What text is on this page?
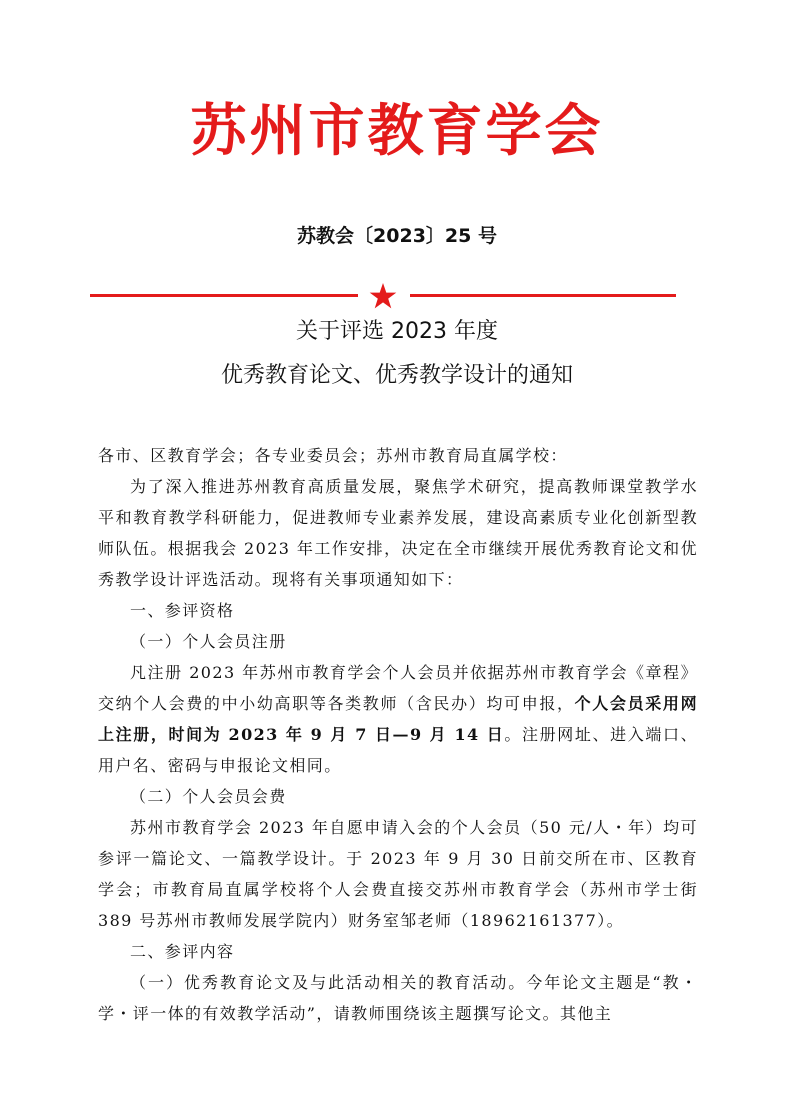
苏州市教育学会
苏教会〔2023〕25 号
关于评选 2023 年度
优秀教育论文、优秀教学设计的通知

各市、区教育学会；各专业委员会；苏州市教育局直属学校：

为了深入推进苏州教育高质量发展，聚焦学术研究，提高教师课堂教学水平和教育教学科研能力，促进教师专业素养发展，建设高素质专业化创新型教师队伍。根据我会 2023 年工作安排，决定在全市继续开展优秀教育论文和优秀教学设计评选活动。现将有关事项通知如下：

一、参评资格

（一）个人会员注册

凡注册 2023 年苏州市教育学会个人会员并依据苏州市教育学会《章程》交纳个人会费的中小幼高职等各类教师（含民办）均可申报，个人会员采用网上注册，时间为 2023 年 9 月 7 日—9 月 14 日。注册网址、进入端口、用户名、密码与申报论文相同。

（二）个人会员会费

苏州市教育学会 2023 年自愿申请入会的个人会员（50 元/人・年）均可参评一篇论文、一篇教学设计。于 2023 年 9 月 30 日前交所在市、区教育学会；市教育局直属学校将个人会费直接交苏州市教育学会（苏州市学士街 389 号苏州市教师发展学院内）财务室邹老师（18962161377）。

二、参评内容

（一）优秀教育论文及与此活动相关的教育活动。今年论文主题是“教・学・评一体的有效教学活动”，请教师围绕该主题撰写论文。其他主
